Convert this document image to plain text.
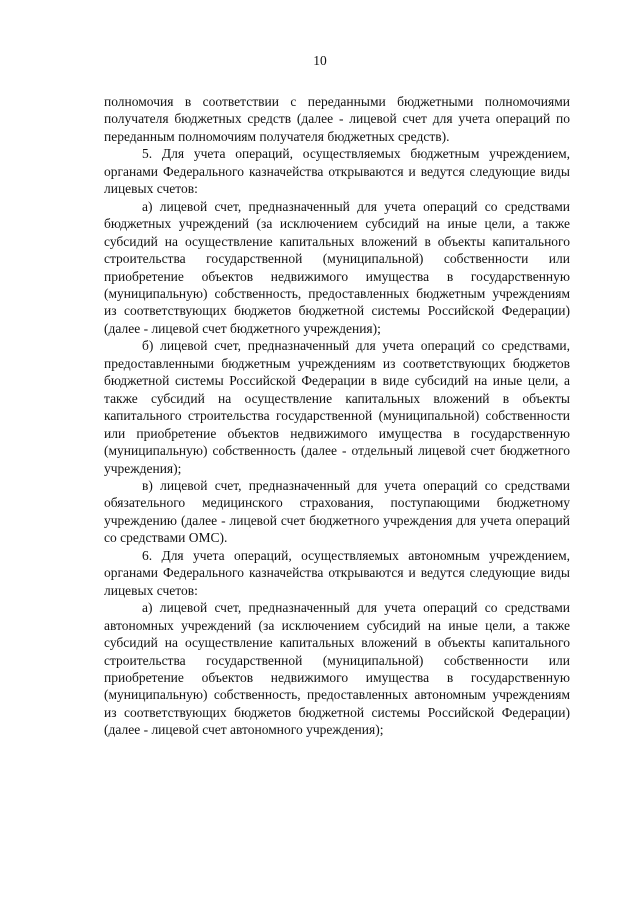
10

полномочия в соответствии с переданными бюджетными полномочиями получателя бюджетных средств (далее - лицевой счет для учета операций по переданным полномочиям получателя бюджетных средств).

5. Для учета операций, осуществляемых бюджетным учреждением, органами Федерального казначейства открываются и ведутся следующие виды лицевых счетов:

а) лицевой счет, предназначенный для учета операций со средствами бюджетных учреждений (за исключением субсидий на иные цели, а также субсидий на осуществление капитальных вложений в объекты капитального строительства государственной (муниципальной) собственности или приобретение объектов недвижимого имущества в государственную (муниципальную) собственность, предоставленных бюджетным учреждениям из соответствующих бюджетов бюджетной системы Российской Федерации) (далее - лицевой счет бюджетного учреждения);

б) лицевой счет, предназначенный для учета операций со средствами, предоставленными бюджетным учреждениям из соответствующих бюджетов бюджетной системы Российской Федерации в виде субсидий на иные цели, а также субсидий на осуществление капитальных вложений в объекты капитального строительства государственной (муниципальной) собственности или приобретение объектов недвижимого имущества в государственную (муниципальную) собственность (далее - отдельный лицевой счет бюджетного учреждения);

в) лицевой счет, предназначенный для учета операций со средствами обязательного медицинского страхования, поступающими бюджетному учреждению (далее - лицевой счет бюджетного учреждения для учета операций со средствами ОМС).

6. Для учета операций, осуществляемых автономным учреждением, органами Федерального казначейства открываются и ведутся следующие виды лицевых счетов:

а) лицевой счет, предназначенный для учета операций со средствами автономных учреждений (за исключением субсидий на иные цели, а также субсидий на осуществление капитальных вложений в объекты капитального строительства государственной (муниципальной) собственности или приобретение объектов недвижимого имущества в государственную (муниципальную) собственность, предоставленных автономным учреждениям из соответствующих бюджетов бюджетной системы Российской Федерации) (далее - лицевой счет автономного учреждения);
